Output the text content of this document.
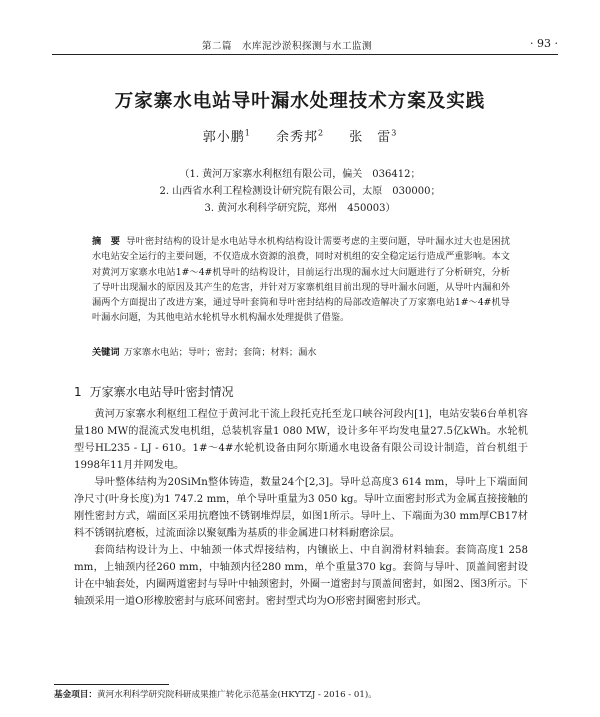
第二篇　水库泥沙淤积探测与水工监测	· 93 ·
万家寨水电站导叶漏水处理技术方案及实践
郭小鹏$^1$ 余秀邦$^2$ 张　雷$^3$
（1. 黄河万家寨水利枢纽有限公司，偏关　036412；
2. 山西省水利工程检测设计研究院有限公司，太原　030000；
3. 黄河水利科学研究院，郑州　450003）
摘　要 导叶密封结构的设计是水电站导水机构结构设计需要考虑的主要问题，导叶漏水过大也是困扰水电站安全运行的主要问题，不仅造成水资源的浪费，同时对机组的安全稳定运行造成严重影响。本文对黄河万家寨水电站1#～4#机导叶的结构设计，目前运行出现的漏水过大问题进行了分析研究，分析了导叶出现漏水的原因及其产生的危害，并针对万家寨机组目前出现的导叶漏水问题，从导叶内漏和外漏两个方面提出了改进方案，通过导叶套筒和导叶密封结构的局部改造解决了万家寨电站1#～4#机导叶漏水问题，为其他电站水轮机导水机构漏水处理提供了借鉴。
关键词 万家寨水电站；导叶；密封；套筒；材料；漏水
1 万家寨水电站导叶密封情况

黄河万家寨水利枢纽工程位于黄河北干流上段托克托至龙口峡谷河段内[1]，电站安装6台单机容量180 MW的混流式发电机组，总装机容量1 080 MW，设计多年平均发电量27.5亿kWh。水轮机型号HL235 - LJ - 610。1#～4#水轮机设备由阿尔斯通水电设备有限公司设计制造，首台机组于1998年11月并网发电。

导叶整体结构为20SiMn整体铸造，数量24个[2,3]。导叶总高度3 614 mm，导叶上下端面间净尺寸(叶身长度)为1 747.2 mm，单个导叶重量为3 050 kg。导叶立面密封形式为金属直接接触的刚性密封方式，端面区采用抗磨蚀不锈钢堆焊层，如图1所示。导叶上、下端面为30 mm厚CB17材料不锈钢抗磨板，过流面涂以聚氨酯为基质的非金属进口材料耐磨涂层。

套筒结构设计为上、中轴颈一体式焊接结构，内镶嵌上、中自润滑材料轴套。套筒高度1 258 mm，上轴颈内径260 mm，中轴颈内径280 mm，单个重量370 kg。套筒与导叶、顶盖间密封设计在中轴套处，内圈两道密封与导叶中轴颈密封，外圈一道密封与顶盖间密封，如图2、图3所示。下轴颈采用一道O形橡胶密封与底环间密封。密封型式均为O形密封圈密封形式。

基金项目：黄河水利科学研究院科研成果推广转化示范基金(HKYTZJ - 2016 - 01)。
